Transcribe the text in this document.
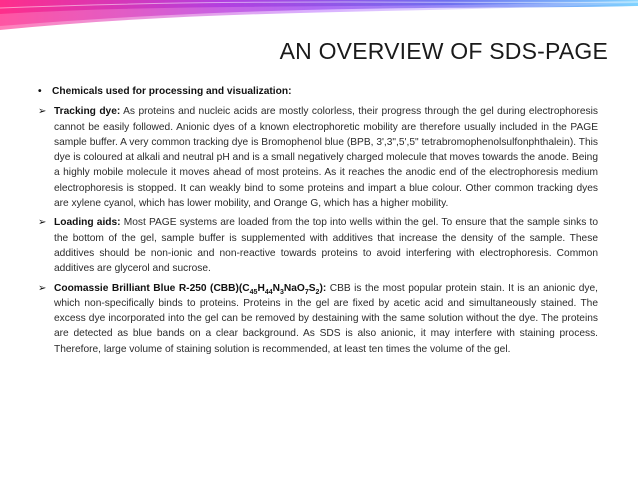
AN OVERVIEW OF SDS-PAGE
•	Chemicals used for processing and visualization:
➢ Tracking dye: As proteins and nucleic acids are mostly colorless, their progress through the gel during electrophoresis cannot be easily followed. Anionic dyes of a known electrophoretic mobility are therefore usually included in the PAGE sample buffer. A very common tracking dye is Bromophenol blue (BPB, 3',3",5',5" tetrabromophenolsulfonphthalein). This dye is coloured at alkali and neutral pH and is a small negatively charged molecule that moves towards the anode. Being a highly mobile molecule it moves ahead of most proteins. As it reaches the anodic end of the electrophoresis medium electrophoresis is stopped. It can weakly bind to some proteins and impart a blue colour. Other common tracking dyes are xylene cyanol, which has lower mobility, and Orange G, which has a higher mobility.
➢ Loading aids: Most PAGE systems are loaded from the top into wells within the gel. To ensure that the sample sinks to the bottom of the gel, sample buffer is supplemented with additives that increase the density of the sample. These additives should be non-ionic and non-reactive towards proteins to avoid interfering with electrophoresis. Common additives are glycerol and sucrose.
➢ Coomassie Brilliant Blue R-250 $(CBB)(C_{45}H_{44}N_3NaO_7S_2)$: CBB is the most popular protein stain. It is an anionic dye, which non-specifically binds to proteins. Proteins in the gel are fixed by acetic acid and simultaneously stained. The excess dye incorporated into the gel can be removed by destaining with the same solution without the dye. The proteins are detected as blue bands on a clear background. As SDS is also anionic, it may interfere with staining process. Therefore, large volume of staining solution is recommended, at least ten times the volume of the gel.
